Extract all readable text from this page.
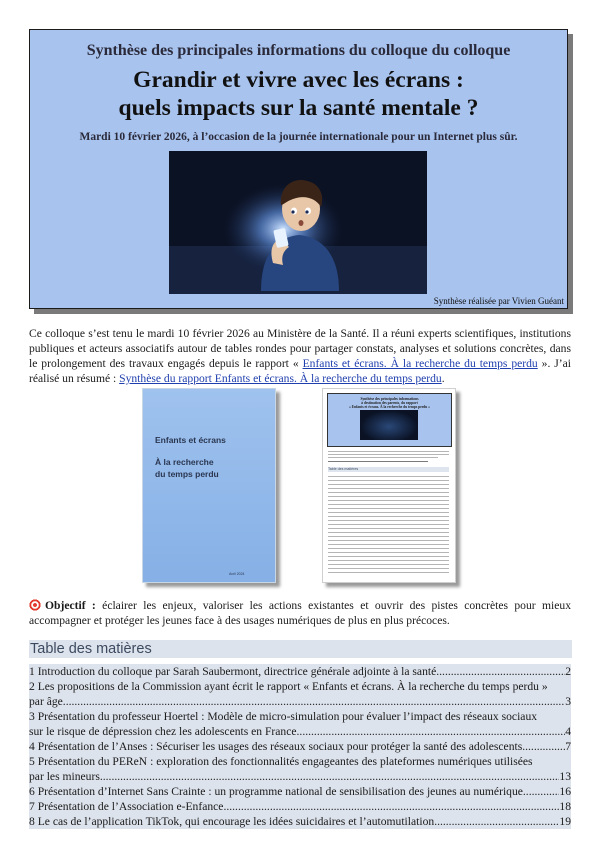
Synthèse des principales informations du colloque du colloque
Grandir et vivre avec les écrans :
quels impacts sur la santé mentale ?
Mardi 10 février 2026, à l’occasion de la journée internationale pour un Internet plus sûr.
Synthèse réalisée par Vivien Guéant
Ce colloque s’est tenu le mardi 10 février 2026 au Ministère de la Santé. Il a réuni experts scientifiques, institutions publiques et acteurs associatifs autour de tables rondes pour partager constats, analyses et solutions concrètes, dans le prolongement des travaux engagés depuis le rapport « Enfants et écrans. À la recherche du temps perdu ». J’ai réalisé un résumé : Synthèse du rapport Enfants et écrans. À la recherche du temps perdu.
Enfants et écrans
À la recherche
du temps perdu
Avril 2024
Synthèse des principales informations
à destination des parents, du rapport
« Enfants et écrans. À la recherche du temps perdu »
Table des matières
Objectif : éclairer les enjeux, valoriser les actions existantes et ouvrir des pistes concrètes pour mieux accompagner et protéger les jeunes face à des usages numériques de plus en plus précoces.
Table des matières
1 Introduction du colloque par Sarah Saubermont, directrice générale adjointe à la santé .....	2
2 Les propositions de la Commission ayant écrit le rapport « Enfants et écrans. À la recherche du temps perdu »
par âge .....	3
3 Présentation du professeur Hoertel : Modèle de micro-simulation pour évaluer l’impact des réseaux sociaux
sur le risque de dépression chez les adolescents en France .....	4
4 Présentation de l’Anses : Sécuriser les usages des réseaux sociaux pour protéger la santé des adolescents .....	7
5 Présentation du PEReN : exploration des fonctionnalités engageantes des plateformes numériques utilisées
par les mineurs .....	13
6 Présentation d’Internet Sans Crainte : un programme national de sensibilisation des jeunes au numérique .....	16
7 Présentation de l’Association e-Enfance .....	18
8 Le cas de l’application TikTok, qui encourage les idées suicidaires et l’automutilation .....	19
